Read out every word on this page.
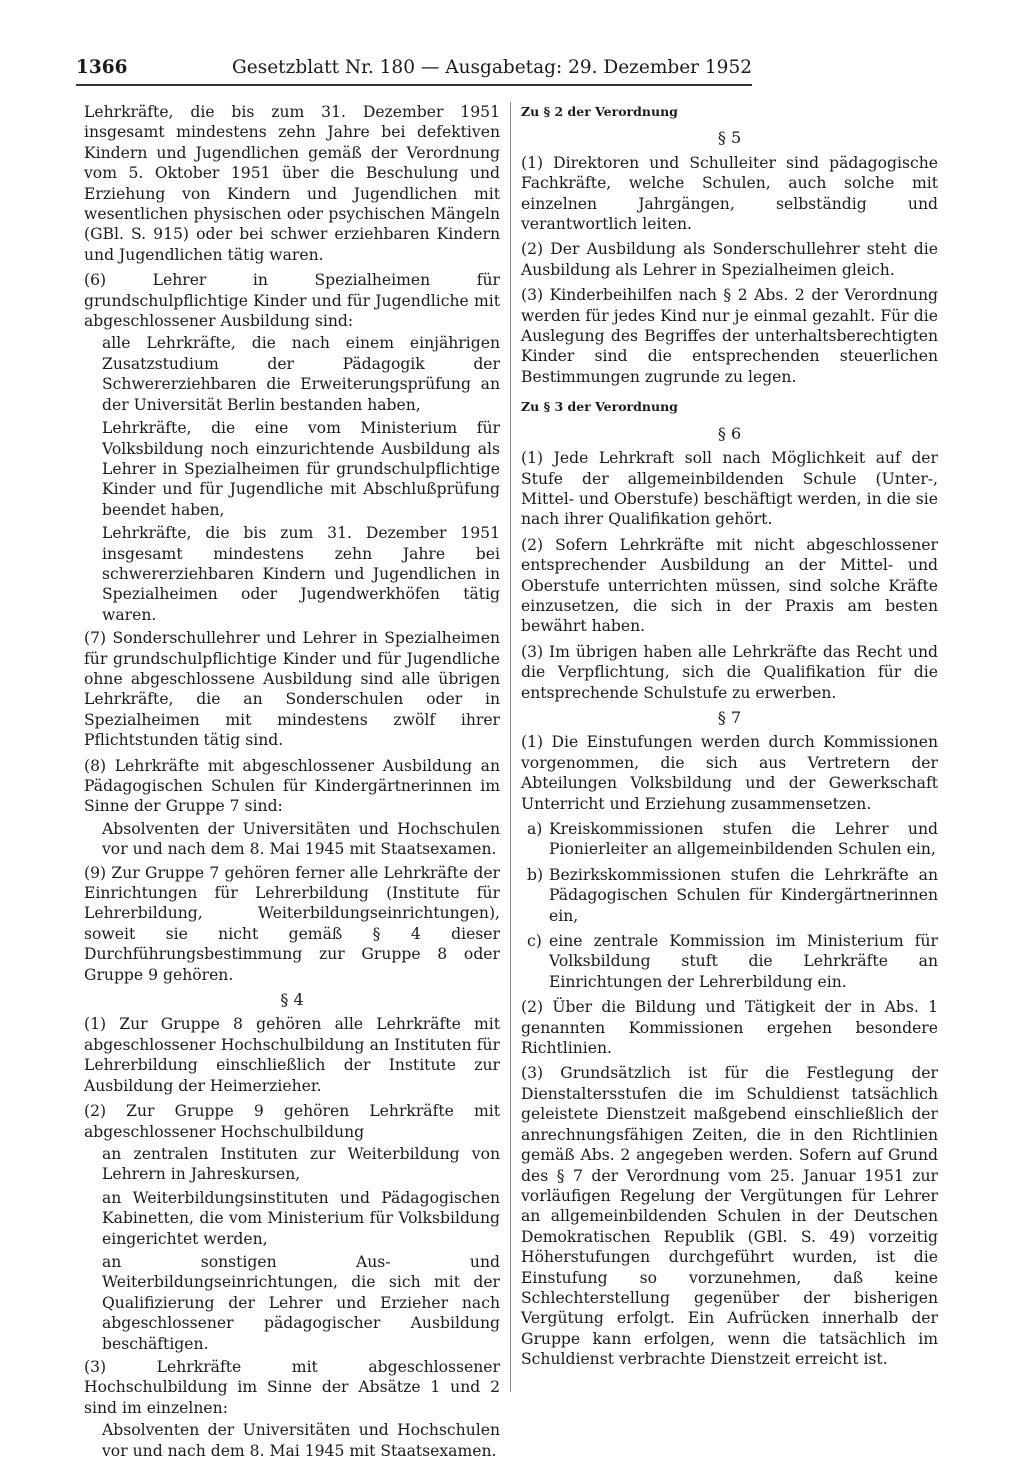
1366	Gesetzblatt Nr. 180 — Ausgabetag: 29. Dezember 1952

Lehrkräfte, die bis zum 31. Dezember 1951 insgesamt mindestens zehn Jahre bei defektiven Kindern und Jugendlichen gemäß der Verordnung vom 5. Oktober 1951 über die Beschulung und Erziehung von Kindern und Jugendlichen mit wesentlichen physischen oder psychischen Mängeln (GBl. S. 915) oder bei schwer erziehbaren Kindern und Jugendlichen tätig waren.

(6) Lehrer in Spezialheimen für grundschulpflichtige Kinder und für Jugendliche mit abgeschlossener Ausbildung sind:

alle Lehrkräfte, die nach einem einjährigen Zusatzstudium der Pädagogik der Schwererziehbaren die Erweiterungsprüfung an der Universität Berlin bestanden haben,

Lehrkräfte, die eine vom Ministerium für Volksbildung noch einzurichtende Ausbildung als Lehrer in Spezialheimen für grundschulpflichtige Kinder und für Jugendliche mit Abschlußprüfung beendet haben,

Lehrkräfte, die bis zum 31. Dezember 1951 insgesamt mindestens zehn Jahre bei schwererziehbaren Kindern und Jugendlichen in Spezialheimen oder Jugendwerkhöfen tätig waren.

(7) Sonderschullehrer und Lehrer in Spezialheimen für grundschulpflichtige Kinder und für Jugendliche ohne abgeschlossene Ausbildung sind alle übrigen Lehrkräfte, die an Sonderschulen oder in Spezialheimen mit mindestens zwölf ihrer Pflichtstunden tätig sind.

(8) Lehrkräfte mit abgeschlossener Ausbildung an Pädagogischen Schulen für Kindergärtnerinnen im Sinne der Gruppe 7 sind:

Absolventen der Universitäten und Hochschulen vor und nach dem 8. Mai 1945 mit Staatsexamen.

(9) Zur Gruppe 7 gehören ferner alle Lehrkräfte der Einrichtungen für Lehrerbildung (Institute für Lehrerbildung, Weiterbildungseinrichtungen), soweit sie nicht gemäß § 4 dieser Durchführungsbestimmung zur Gruppe 8 oder Gruppe 9 gehören.

§ 4

(1) Zur Gruppe 8 gehören alle Lehrkräfte mit abgeschlossener Hochschulbildung an Instituten für Lehrerbildung einschließlich der Institute zur Ausbildung der Heimerzieher.

(2) Zur Gruppe 9 gehören Lehrkräfte mit abgeschlossener Hochschulbildung

an zentralen Instituten zur Weiterbildung von Lehrern in Jahreskursen,

an Weiterbildungsinstituten und Pädagogischen Kabinetten, die vom Ministerium für Volksbildung eingerichtet werden,

an sonstigen Aus- und Weiterbildungseinrichtungen, die sich mit der Qualifizierung der Lehrer und Erzieher nach abgeschlossener pädagogischer Ausbildung beschäftigen.

(3) Lehrkräfte mit abgeschlossener Hochschulbildung im Sinne der Absätze 1 und 2 sind im einzelnen:

Absolventen der Universitäten und Hochschulen vor und nach dem 8. Mai 1945 mit Staatsexamen.

Zu § 2 der Verordnung
§ 5

(1) Direktoren und Schulleiter sind pädagogische Fachkräfte, welche Schulen, auch solche mit einzelnen Jahrgängen, selbständig und verantwortlich leiten.

(2) Der Ausbildung als Sonderschullehrer steht die Ausbildung als Lehrer in Spezialheimen gleich.

(3) Kinderbeihilfen nach § 2 Abs. 2 der Verordnung werden für jedes Kind nur je einmal gezahlt. Für die Auslegung des Begriffes der unterhaltsberechtigten Kinder sind die entsprechenden steuerlichen Bestimmungen zugrunde zu legen.

Zu § 3 der Verordnung
§ 6

(1) Jede Lehrkraft soll nach Möglichkeit auf der Stufe der allgemeinbildenden Schule (Unter-, Mittel- und Oberstufe) beschäftigt werden, in die sie nach ihrer Qualifikation gehört.

(2) Sofern Lehrkräfte mit nicht abgeschlossener entsprechender Ausbildung an der Mittel- und Oberstufe unterrichten müssen, sind solche Kräfte einzusetzen, die sich in der Praxis am besten bewährt haben.

(3) Im übrigen haben alle Lehrkräfte das Recht und die Verpflichtung, sich die Qualifikation für die entsprechende Schulstufe zu erwerben.

§ 7

(1) Die Einstufungen werden durch Kommissionen vorgenommen, die sich aus Vertretern der Abteilungen Volksbildung und der Gewerkschaft Unterricht und Erziehung zusammensetzen.

a) Kreiskommissionen stufen die Lehrer und Pionierleiter an allgemeinbildenden Schulen ein,
b) Bezirkskommissionen stufen die Lehrkräfte an Pädagogischen Schulen für Kindergärtnerinnen ein,
c) eine zentrale Kommission im Ministerium für Volksbildung stuft die Lehrkräfte an Einrichtungen der Lehrerbildung ein.

(2) Über die Bildung und Tätigkeit der in Abs. 1 genannten Kommissionen ergehen besondere Richtlinien.

(3) Grundsätzlich ist für die Festlegung der Dienstaltersstufen die im Schuldienst tatsächlich geleistete Dienstzeit maßgebend einschließlich der anrechnungsfähigen Zeiten, die in den Richtlinien gemäß Abs. 2 angegeben werden. Sofern auf Grund des § 7 der Verordnung vom 25. Januar 1951 zur vorläufigen Regelung der Vergütungen für Lehrer an allgemeinbildenden Schulen in der Deutschen Demokratischen Republik (GBl. S. 49) vorzeitig Höherstufungen durchgeführt wurden, ist die Einstufung so vorzunehmen, daß keine Schlechterstellung gegenüber der bisherigen Vergütung erfolgt. Ein Aufrücken innerhalb der Gruppe kann erfolgen, wenn die tatsächlich im Schuldienst verbrachte Dienstzeit erreicht ist.
